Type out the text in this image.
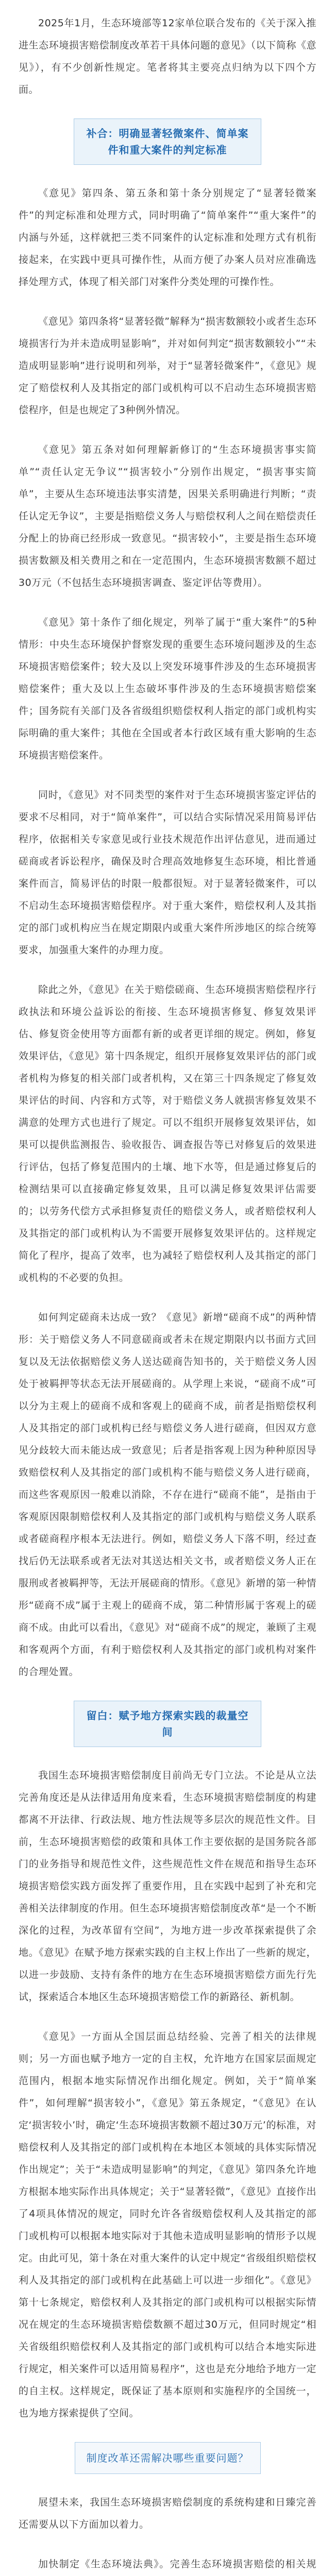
2025年1月，生态环境部等12家单位联合发布的《关于深入推进生态环境损害赔偿制度改革若干具体问题的意见》（以下简称《意见》），有不少创新性规定。笔者将其主要亮点归纳为以下四个方面。

补合：明确显著轻微案件、简单案件和重大案件的判定标准

《意见》第四条、第五条和第十条分别规定了“显著轻微案件”的判定标准和处理方式，同时明确了“简单案件”“重大案件”的内涵与外延，这样就把三类不同案件的认定标准和处理方式有机衔接起来，在实践中更具可操作性，从而方便了办案人员对应准确选择处理方式，体现了相关部门对案件分类处理的可操作性。

《意见》第四条将“显著轻微”解释为“损害数额较小或者生态环境损害行为并未造成明显影响”，并对如何判定“损害数额较小”“未造成明显影响”进行说明和列举，对于“显著轻微案件”，《意见》规定了赔偿权利人及其指定的部门或机构可以不启动生态环境损害赔偿程序，但是也规定了3种例外情况。

《意见》第五条对如何理解新修订的“生态环境损害事实简单”“责任认定无争议”“损害较小”分别作出规定，“损害事实简单”，主要从生态环境违法事实清楚，因果关系明确进行判断；“责任认定无争议”，主要是指赔偿义务人与赔偿权利人之间在赔偿责任分配上的协商已经形成一致意见。“损害较小”，主要是指生态环境损害数额及相关费用之和在一定范围内，生态环境损害数额不超过30万元（不包括生态环境损害调查、鉴定评估等费用）。

《意见》第十条作了细化规定，列举了属于“重大案件”的5种情形：中央生态环境保护督察发现的重要生态环境问题涉及的生态环境损害赔偿案件；较大及以上突发环境事件涉及的生态环境损害赔偿案件；重大及以上生态破坏事件涉及的生态环境损害赔偿案件；国务院有关部门及各省级组织赔偿权利人指定的部门或机构实际明确的重大案件；其他在全国或者本行政区域有重大影响的生态环境损害赔偿案件。

同时，《意见》对不同类型的案件对于生态环境损害鉴定评估的要求不尽相同，对于“简单案件”，可以结合实际情况采用简易评估程序，依据相关专家意见或行业技术规范作出评估意见，进而通过磋商或者诉讼程序，确保及时合理高效地修复生态环境，相比普通案件而言，简易评估的时限一般都很短。对于显著轻微案件，可以不启动生态环境损害赔偿程序。对于重大案件，赔偿权利人及其指定的部门或机构应当在规定期限内或重大案件所涉地区的综合统筹要求，加强重大案件的办理力度。

除此之外，《意见》在关于赔偿磋商、生态环境损害赔偿程序行政执法和环境公益诉讼的衔接、生态环境损害修复、修复效果评估、修复资金使用等方面都有新的或者更详细的规定。例如，修复效果评估，《意见》第十四条规定，组织开展修复效果评估的部门或者机构为修复的相关部门或者机构，又在第三十四条规定了修复效果评估的时间、内容和方式等，对于赔偿义务人就损害修复效果不满意的处理方式也进行了规定。可以不组织开展修复效果评估，如果可以提供监测报告、验收报告、调查报告等已对修复后的效果进行评估，包括了修复范围内的土壤、地下水等，但是通过修复后的检测结果可以直接确定修复效果，且可以满足修复效果评估需要的；以劳务代偿方式承担修复责任的赔偿义务人，或者赔偿权利人及其指定的部门或机构认为不需要开展修复效果评估的。这样规定简化了程序，提高了效率，也为减轻了赔偿权利人及其指定的部门或机构的不必要的负担。

如何判定磋商未达成一致？《意见》新增“磋商不成”的两种情形：关于赔偿义务人不同意磋商或者未在规定期限内以书面方式回复以及无法依据赔偿义务人送达磋商告知书的，关于赔偿义务人因处于被羁押等状态无法开展磋商的。从学理上来说，“磋商不成”可以分为主观上的磋商不成和客观上的磋商不成，前者是指赔偿权利人及其指定的部门或机构已经与赔偿义务人进行磋商，但因双方意见分歧较大而未能达成一致意见；后者是指客观上因为种种原因导致赔偿权利人及其指定的部门或机构不能与赔偿义务人进行磋商，而这些客观原因一般难以消除，不存在进行“磋商不能”，是指由于客观原因限制赔偿权利人及其指定的部门或机构与赔偿义务人联系或者磋商程序根本无法进行。例如，赔偿义务人下落不明，经过查找后仍无法联系或者无法对其送达相关文书，或者赔偿义务人正在服刑或者被羁押等，无法开展磋商的情形。《意见》新增的第一种情形“磋商不成”属于主观上的磋商不成，第二种情形属于客观上的磋商不成。由此可以看出，《意见》对“磋商不成”的规定，兼顾了主观和客观两个方面，有利于赔偿权利人及其指定的部门或机构对案件的合理处置。

留白：赋予地方探索实践的裁量空间

我国生态环境损害赔偿制度目前尚无专门立法。不论是从立法完善角度还是从法律适用角度来看，生态环境损害赔偿制度的构建都离不开法律、行政法规、地方性法规等多层次的规范性文件。目前，生态环境损害赔偿的政策和具体工作主要依据的是国务院各部门的业务指导和规范性文件，这些规范性文件在规范和指导生态环境损害赔偿实践方面发挥了重要作用，且在实践中起到了补充和完善相关法律制度的作用。但生态环境损害赔偿制度改革“是一个不断深化的过程，为改革留有空间”，为地方进一步改革探索提供了余地。《意见》在赋予地方探索实践的自主权上作出了一些新的规定，以进一步鼓励、支持有条件的地方在生态环境损害赔偿方面先行先试，探索适合本地区生态环境损害赔偿工作的新路径、新机制。

《意见》一方面从全国层面总结经验、完善了相关的法律规则；另一方面也赋予地方一定的自主权，允许地方在国家层面规定范围内，根据本地实际情况作出细化规定。例如，关于“简单案件”，如何理解“损害较小”，《意见》第五条规定，“《意见》在认定‘损害较小’时，确定‘生态环境损害数额不超过30万元’的标准，对赔偿权利人及其指定的部门或机构在本地区本领域的具体实际情况作出规定”；关于“未造成明显影响”的判定，《意见》第四条允许地方根据本地实际作出具体规定；关于“显著轻微”，《意见》直接作出了4项具体情况的规定，同时允许各省级赔偿权利人及其指定的部门或机构可以根据本地实际对于其他未造成明显影响的情形予以规定。由此可见，第十条在对重大案件的认定中规定“省级组织赔偿权利人及其指定的部门或机构在此基础上可以进一步细化”。《意见》第十七条规定，赔偿权利人及其指定的部门或机构可以根据实际情况在规定的生态环境损害赔偿数额不超过30万元，但同时规定“相关省级组织赔偿权利人及其指定的部门或机构可以结合本地实际进行规定，相关案件可以适用简易程序”，这也是充分地给予地方一定的自主权。这样规定，既保证了基本原则和实施程序的全国统一，也为地方探索提供了空间。

制度改革还需解决哪些重要问题？

展望未来，我国生态环境损害赔偿制度的系统构建和日臻完善还需要从以下方面加以着力。

加快制定《生态环境法典》。完善生态环境损害赔偿的相关规
